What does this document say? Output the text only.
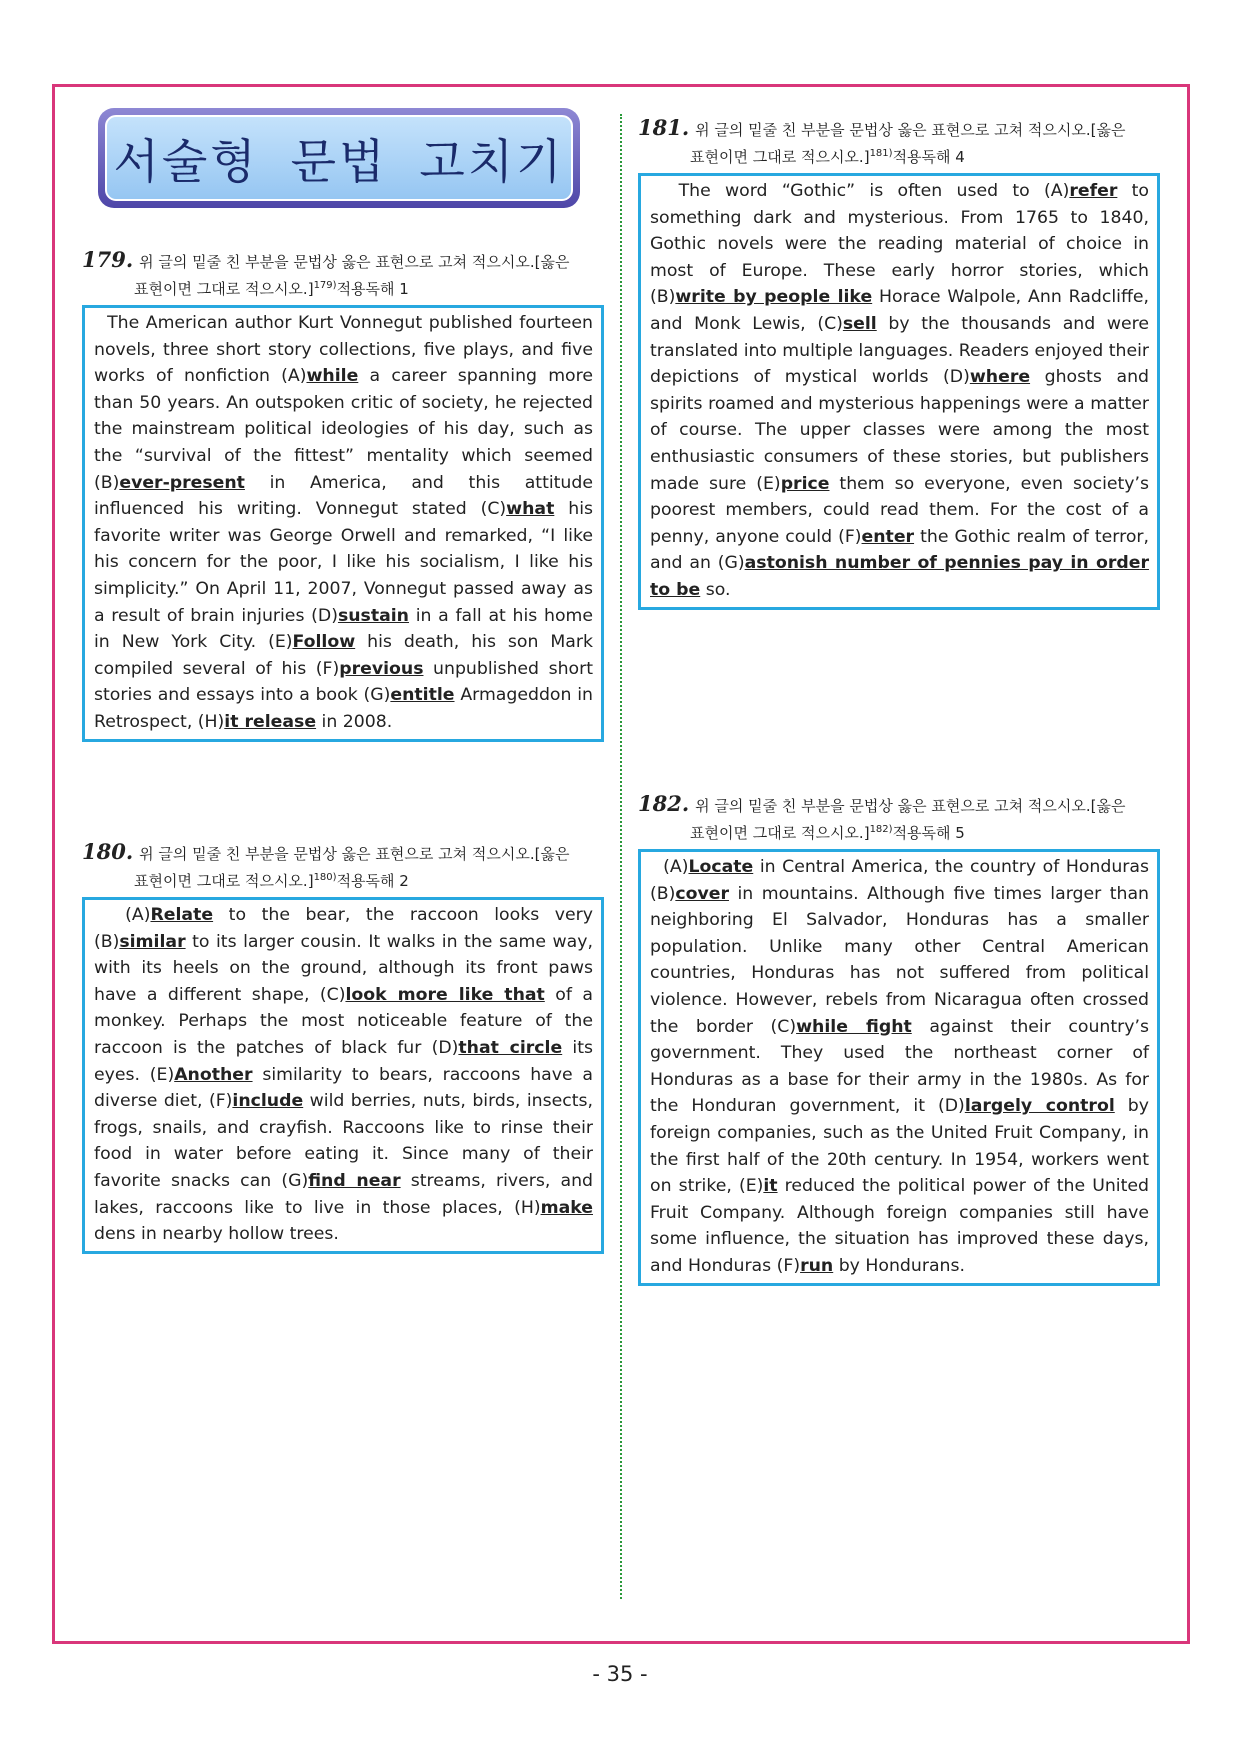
서술형 문법 고치기
179. 위 글의 밑줄 친 부분을 문법상 옳은 표현으로 고쳐 적으시오.[옳은
표현이면 그대로 적으시오.]$^{179)}$적용독해 1
The American author Kurt Vonnegut published fourteen novels, three short story collections, five plays, and five works of nonfiction (A)while a career spanning more than 50 years. An outspoken critic of society, he rejected the mainstream political ideologies of his day, such as the “survival of the fittest” mentality which seemed (B)ever-present in America, and this attitude influenced his writing. Vonnegut stated (C)what his favorite writer was George Orwell and remarked, “I like his concern for the poor, I like his socialism, I like his simplicity.” On April 11, 2007, Vonnegut passed away as a result of brain injuries (D)sustain in a fall at his home in New York City. (E)Follow his death, his son Mark compiled several of his (F)previous unpublished short stories and essays into a book (G)entitle Armageddon in Retrospect, (H)it release in 2008.
180. 위 글의 밑줄 친 부분을 문법상 옳은 표현으로 고쳐 적으시오.[옳은
표현이면 그대로 적으시오.]$^{180)}$적용독해 2
(A)Relate to the bear, the raccoon looks very (B)similar to its larger cousin. It walks in the same way, with its heels on the ground, although its front paws have a different shape, (C)look more like that of a monkey. Perhaps the most noticeable feature of the raccoon is the patches of black fur (D)that circle its eyes. (E)Another similarity to bears, raccoons have a diverse diet, (F)include wild berries, nuts, birds, insects, frogs, snails, and crayfish. Raccoons like to rinse their food in water before eating it. Since many of their favorite snacks can (G)find near streams, rivers, and lakes, raccoons like to live in those places, (H)make dens in nearby hollow trees.
181. 위 글의 밑줄 친 부분을 문법상 옳은 표현으로 고쳐 적으시오.[옳은
표현이면 그대로 적으시오.]$^{181)}$적용독해 4
The word “Gothic” is often used to (A)refer to something dark and mysterious. From 1765 to 1840, Gothic novels were the reading material of choice in most of Europe. These early horror stories, which (B)write by people like Horace Walpole, Ann Radcliffe, and Monk Lewis, (C)sell by the thousands and were translated into multiple languages. Readers enjoyed their depictions of mystical worlds (D)where ghosts and spirits roamed and mysterious happenings were a matter of course. The upper classes were among the most enthusiastic consumers of these stories, but publishers made sure (E)price them so everyone, even society’s poorest members, could read them. For the cost of a penny, anyone could (F)enter the Gothic realm of terror, and an (G)astonish number of pennies pay in order to be so.
182. 위 글의 밑줄 친 부분을 문법상 옳은 표현으로 고쳐 적으시오.[옳은
표현이면 그대로 적으시오.]$^{182)}$적용독해 5
(A)Locate in Central America, the country of Honduras (B)cover in mountains. Although five times larger than neighboring El Salvador, Honduras has a smaller population. Unlike many other Central American countries, Honduras has not suffered from political violence. However, rebels from Nicaragua often crossed the border (C)while fight against their country’s government. They used the northeast corner of Honduras as a base for their army in the 1980s. As for the Honduran government, it (D)largely control by foreign companies, such as the United Fruit Company, in the first half of the 20th century. In 1954, workers went on strike, (E)it reduced the political power of the United Fruit Company. Although foreign companies still have some influence, the situation has improved these days, and Honduras (F)run by Hondurans.
- 35 -
